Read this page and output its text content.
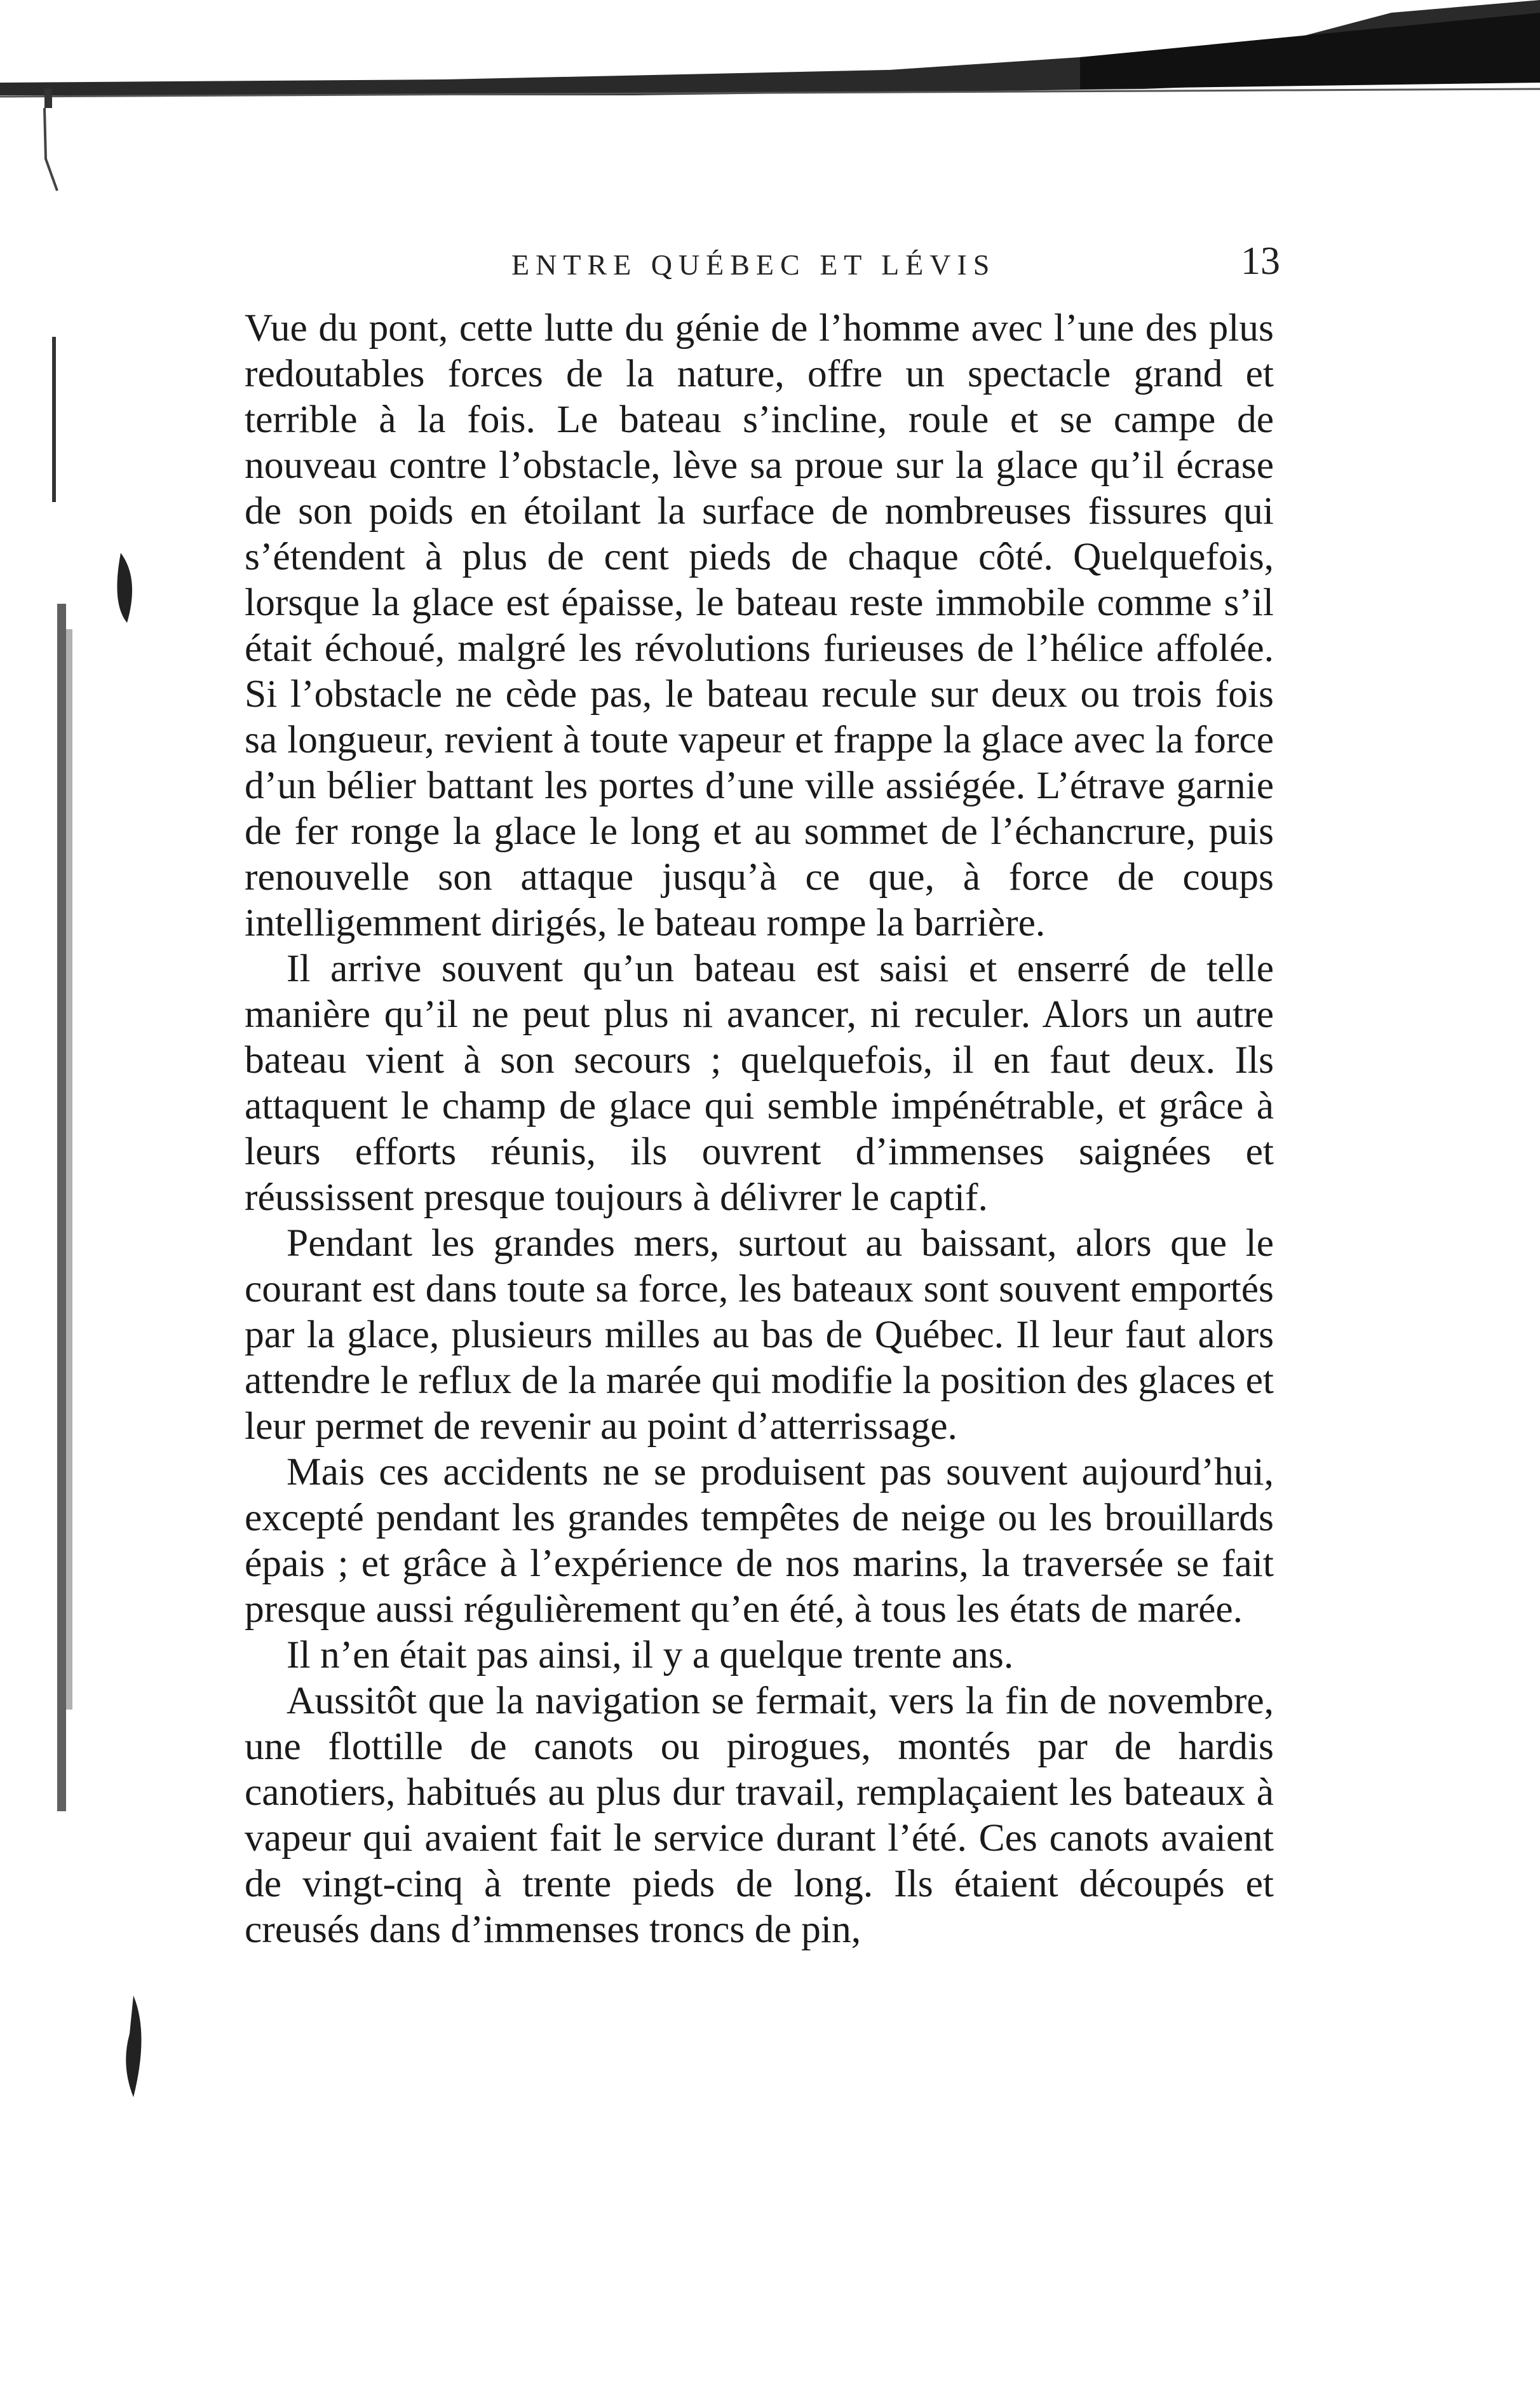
ENTRE QUÉBEC ET LÉVIS	13

Vue du pont, cette lutte du génie de l’homme avec l’une des plus redoutables forces de la nature, offre un spectacle grand et terrible à la fois. Le bateau s’incline, roule et se campe de nouveau contre l’obstacle, lève sa proue sur la glace qu’il écrase de son poids en étoilant la surface de nombreuses fissures qui s’étendent à plus de cent pieds de chaque côté. Quelquefois, lorsque la glace est épaisse, le bateau reste immobile comme s’il était échoué, malgré les révolutions furieuses de l’hélice affolée. Si l’obstacle ne cède pas, le bateau recule sur deux ou trois fois sa longueur, revient à toute vapeur et frappe la glace avec la force d’un bélier battant les portes d’une ville assiégée. L’étrave garnie de fer ronge la glace le long et au sommet de l’échancrure, puis renouvelle son attaque jusqu’à ce que, à force de coups intelligemment dirigés, le bateau rompe la barrière.

Il arrive souvent qu’un bateau est saisi et enserré de telle manière qu’il ne peut plus ni avancer, ni reculer. Alors un autre bateau vient à son secours ; quelquefois, il en faut deux. Ils attaquent le champ de glace qui semble impénétrable, et grâce à leurs efforts réunis, ils ouvrent d’immenses saignées et réussissent presque toujours à délivrer le captif.

Pendant les grandes mers, surtout au baissant, alors que le courant est dans toute sa force, les bateaux sont souvent emportés par la glace, plusieurs milles au bas de Québec. Il leur faut alors attendre le reflux de la marée qui modifie la position des glaces et leur permet de revenir au point d’atterrissage.

Mais ces accidents ne se produisent pas souvent aujourd’hui, excepté pendant les grandes tempêtes de neige ou les brouillards épais ; et grâce à l’expérience de nos marins, la traversée se fait presque aussi régulièrement qu’en été, à tous les états de marée.

Il n’en était pas ainsi, il y a quelque trente ans.

Aussitôt que la navigation se fermait, vers la fin de novembre, une flottille de canots ou pirogues, montés par de hardis canotiers, habitués au plus dur travail, remplaçaient les bateaux à vapeur qui avaient fait le service durant l’été. Ces canots avaient de vingt-cinq à trente pieds de long. Ils étaient découpés et creusés dans d’immenses troncs de pin,
